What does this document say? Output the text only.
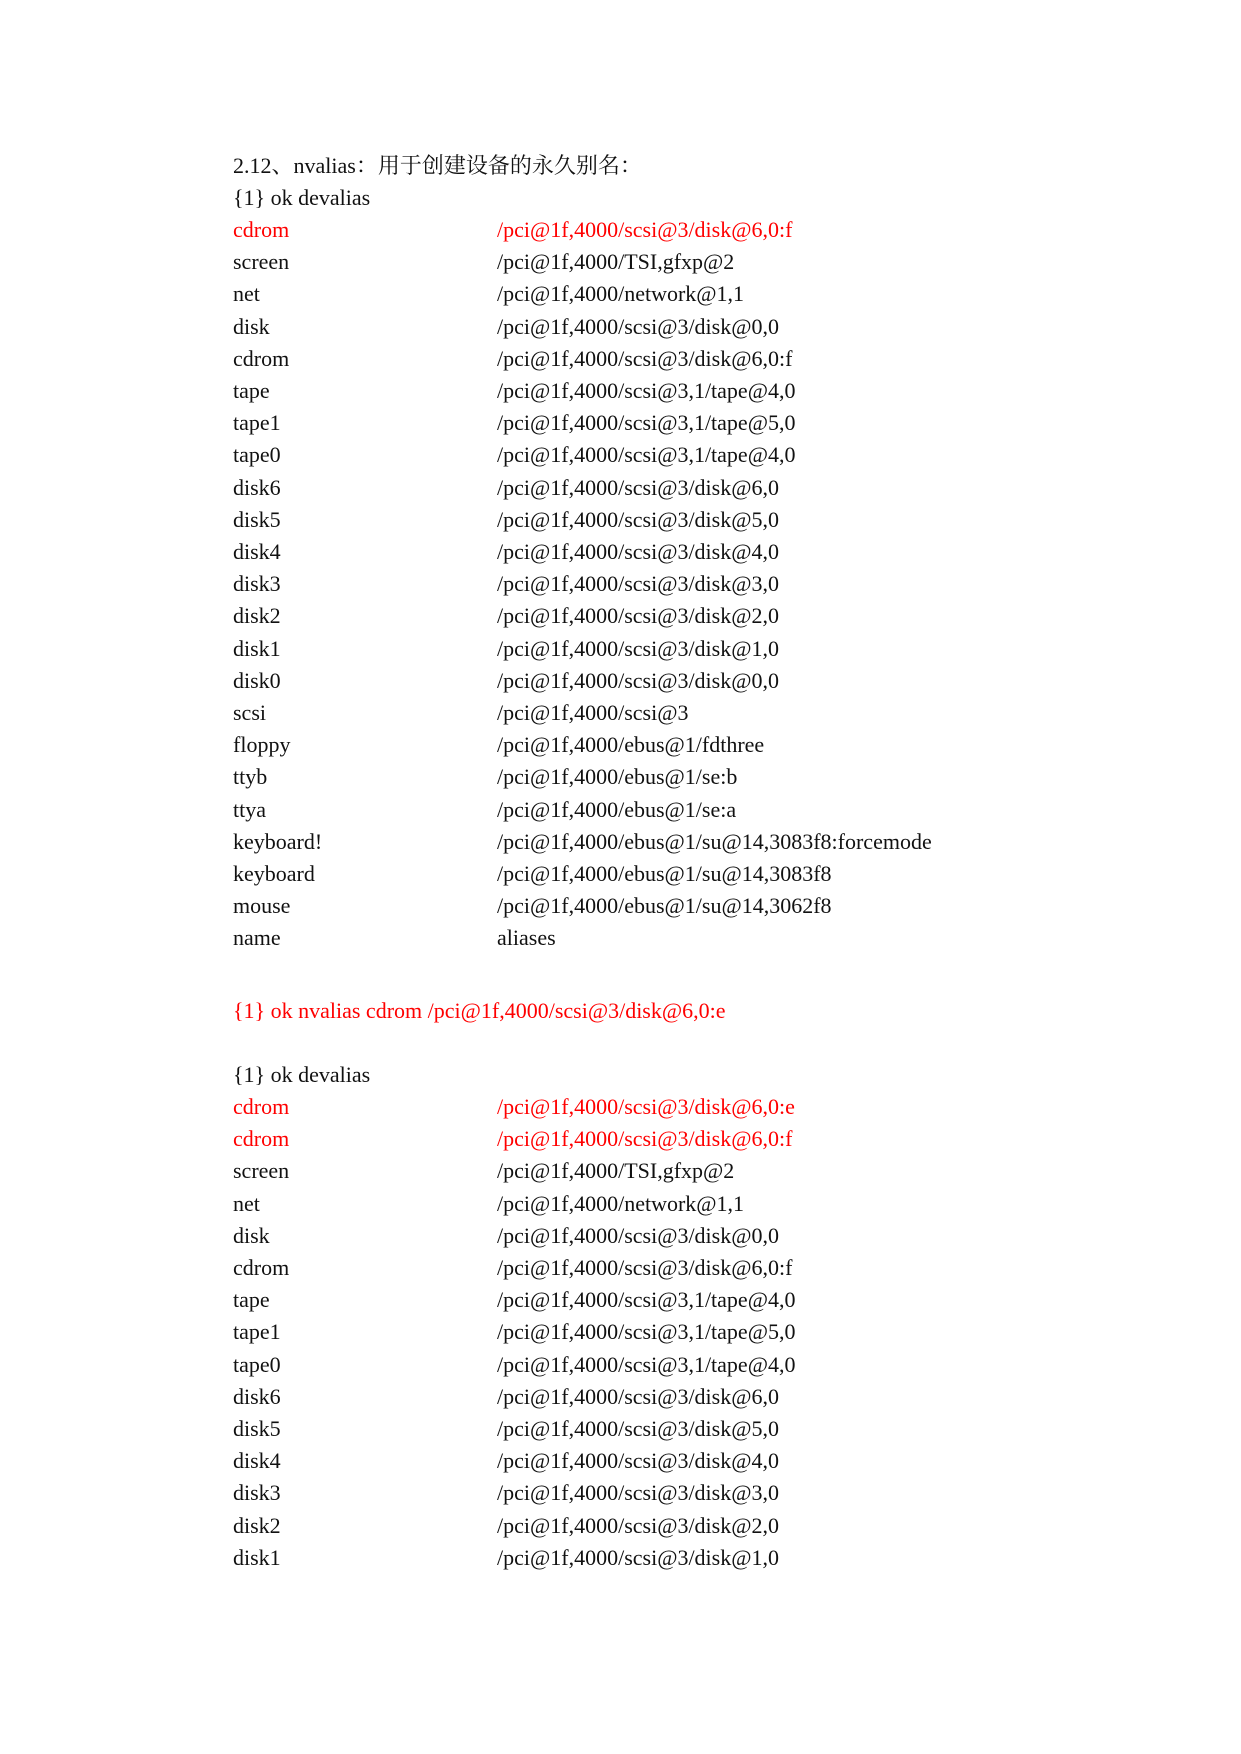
2.12、nvalias：用于创建设备的永久别名：
{1} ok devalias
cdrom	/pci@1f,4000/scsi@3/disk@6,0:f
screen	/pci@1f,4000/TSI,gfxp@2
net	/pci@1f,4000/network@1,1
disk	/pci@1f,4000/scsi@3/disk@0,0
cdrom	/pci@1f,4000/scsi@3/disk@6,0:f
tape	/pci@1f,4000/scsi@3,1/tape@4,0
tape1	/pci@1f,4000/scsi@3,1/tape@5,0
tape0	/pci@1f,4000/scsi@3,1/tape@4,0
disk6	/pci@1f,4000/scsi@3/disk@6,0
disk5	/pci@1f,4000/scsi@3/disk@5,0
disk4	/pci@1f,4000/scsi@3/disk@4,0
disk3	/pci@1f,4000/scsi@3/disk@3,0
disk2	/pci@1f,4000/scsi@3/disk@2,0
disk1	/pci@1f,4000/scsi@3/disk@1,0
disk0	/pci@1f,4000/scsi@3/disk@0,0
scsi	/pci@1f,4000/scsi@3
floppy	/pci@1f,4000/ebus@1/fdthree
ttyb	/pci@1f,4000/ebus@1/se:b
ttya	/pci@1f,4000/ebus@1/se:a
keyboard!	/pci@1f,4000/ebus@1/su@14,3083f8:forcemode
keyboard	/pci@1f,4000/ebus@1/su@14,3083f8
mouse	/pci@1f,4000/ebus@1/su@14,3062f8
name	aliases
{1} ok nvalias cdrom /pci@1f,4000/scsi@3/disk@6,0:e
{1} ok devalias
cdrom	/pci@1f,4000/scsi@3/disk@6,0:e
cdrom	/pci@1f,4000/scsi@3/disk@6,0:f
screen	/pci@1f,4000/TSI,gfxp@2
net	/pci@1f,4000/network@1,1
disk	/pci@1f,4000/scsi@3/disk@0,0
cdrom	/pci@1f,4000/scsi@3/disk@6,0:f
tape	/pci@1f,4000/scsi@3,1/tape@4,0
tape1	/pci@1f,4000/scsi@3,1/tape@5,0
tape0	/pci@1f,4000/scsi@3,1/tape@4,0
disk6	/pci@1f,4000/scsi@3/disk@6,0
disk5	/pci@1f,4000/scsi@3/disk@5,0
disk4	/pci@1f,4000/scsi@3/disk@4,0
disk3	/pci@1f,4000/scsi@3/disk@3,0
disk2	/pci@1f,4000/scsi@3/disk@2,0
disk1	/pci@1f,4000/scsi@3/disk@1,0
